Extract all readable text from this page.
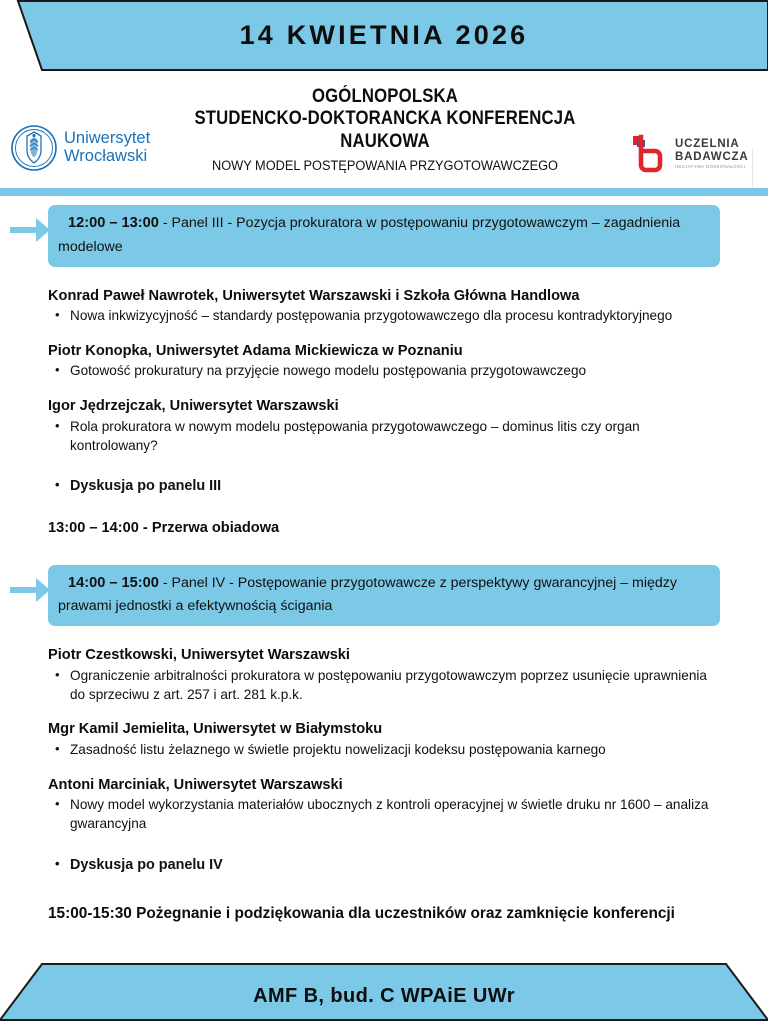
14 KWIETNIA 2026
Uniwersytet
Wrocławski
OGÓLNOPOLSKA
STUDENCKO-DOKTORANCKA KONFERENCJA NAUKOWA
NOWY MODEL POSTĘPOWANIA PRZYGOTOWAWCZEGO
UCZELNIA
BADAWCZA
INICJATYWA DOSKONAŁOŚCI
12:00 – 13:00 - Panel III - Pozycja prokuratora w postępowaniu przygotowawczym – zagadnienia modelowe
Konrad Paweł Nawrotek, Uniwersytet Warszawski i Szkoła Główna Handlowa
• Nowa inkwizycyjność – standardy postępowania przygotowawczego dla procesu kontradyktoryjnego
Piotr Konopka, Uniwersytet Adama Mickiewicza w Poznaniu
• Gotowość prokuratury na przyjęcie nowego modelu postępowania przygotowawczego
Igor Jędrzejczak, Uniwersytet Warszawski
• Rola prokuratora w nowym modelu postępowania przygotowawczego – dominus litis czy organ kontrolowany?
• Dyskusja po panelu III
13:00 – 14:00 - Przerwa obiadowa
14:00 – 15:00 - Panel IV - Postępowanie przygotowawcze z perspektywy gwarancyjnej – między prawami jednostki a efektywnością ścigania
Piotr Czestkowski, Uniwersytet Warszawski
• Ograniczenie arbitralności prokuratora w postępowaniu przygotowawczym poprzez usunięcie uprawnienia do sprzeciwu z art. 257 i art. 281 k.p.k.
Mgr Kamil Jemielita, Uniwersytet w Białymstoku
• Zasadność listu żelaznego w świetle projektu nowelizacji kodeksu postępowania karnego
Antoni Marciniak, Uniwersytet Warszawski
• Nowy model wykorzystania materiałów ubocznych z kontroli operacyjnej w świetle druku nr 1600 – analiza gwarancyjna
• Dyskusja po panelu IV
15:00-15:30 Pożegnanie i podziękowania dla uczestników oraz zamknięcie konferencji
AMF B, bud. C WPAiE UWr
